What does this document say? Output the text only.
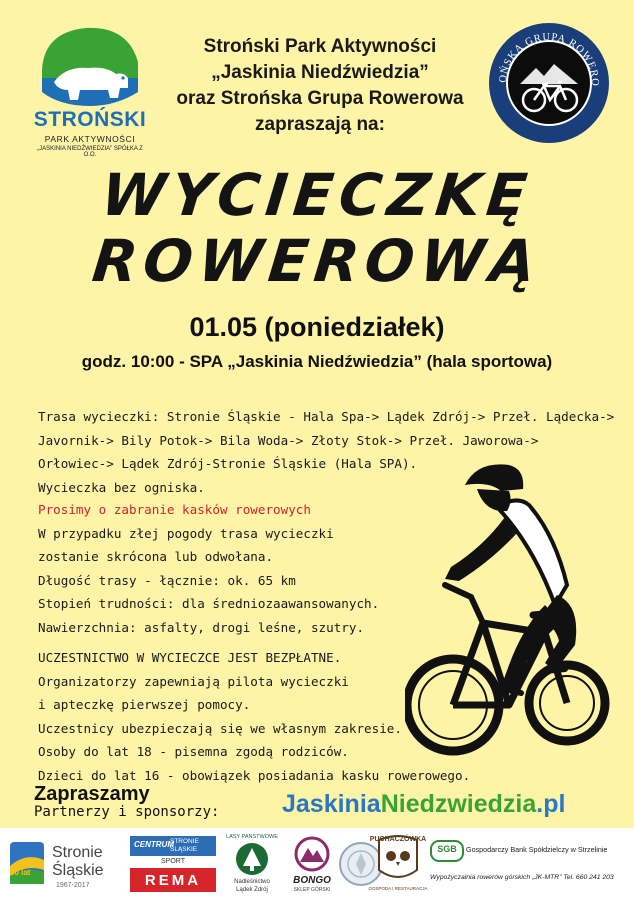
STROŃSKI
PARK AKTYWNOŚCI
„JASKINIA NIEDŹWIEDZIA” SPÓŁKA Z O.O.
Stroński Park Aktywności
„Jaskinia Niedźwiedzia”
oraz Strońska Grupa Rowerowa
zapraszają na:
OŃSKA GRUPA ROWERO
WYCIECZKĘ
ROWEROWĄ
01.05 (poniedziałek)
godz. 10:00 - SPA „Jaskinia Niedźwiedzia” (hala sportowa)
Trasa wycieczki: Stronie Śląskie - Hala Spa-> Lądek Zdrój-> Przeł. Lądecka->
Javornik-> Bily Potok-> Bila Woda-> Złoty Stok-> Przeł. Jaworowa->
Orłowiec-> Lądek Zdrój-Stronie Śląskie (Hala SPA).
Wycieczka bez ogniska.
Prosimy o zabranie kasków rowerowych
W przypadku złej pogody trasa wycieczki
zostanie skrócona lub odwołana.
Długość trasy - łącznie: ok. 65 km
Stopień trudności: dla średniozaawansowanych.
Nawierzchnia: asfalty, drogi leśne, szutry.
UCZESTNICTWO W WYCIECZCE JEST BEZPŁATNE.
Organizatorzy zapewniają pilota wycieczki
i apteczkę pierwszej pomocy.
Uczestnicy ubezpieczają się we własnym zakresie.
Osoby do lat 18 - pisemna zgodą rodziców.
Dzieci do lat 16 - obowiązek posiadania kasku rowerowego.
Zapraszamy
Partnerzy i sponsorzy:	JaskiniaNiedzwiedzia.pl
50 lat
Stronie
Śląskie
1967-2017
CENTRUM
STRONIE ŚLĄSKIE
SPORT
REMA
LASY PAŃSTWOWE
Nadleśnictwo
Lądek Zdrój
BONGO
SKLEP GÓRSKI
PUCHACZÓWKA
GOSPODA I RESTAURACJA
SGB	Gospodarczy Bank Spółdzielczy w Strzelinie
Wypożyczalnia rowerów górskich „JK-MTR” Tel. 660 241 203
